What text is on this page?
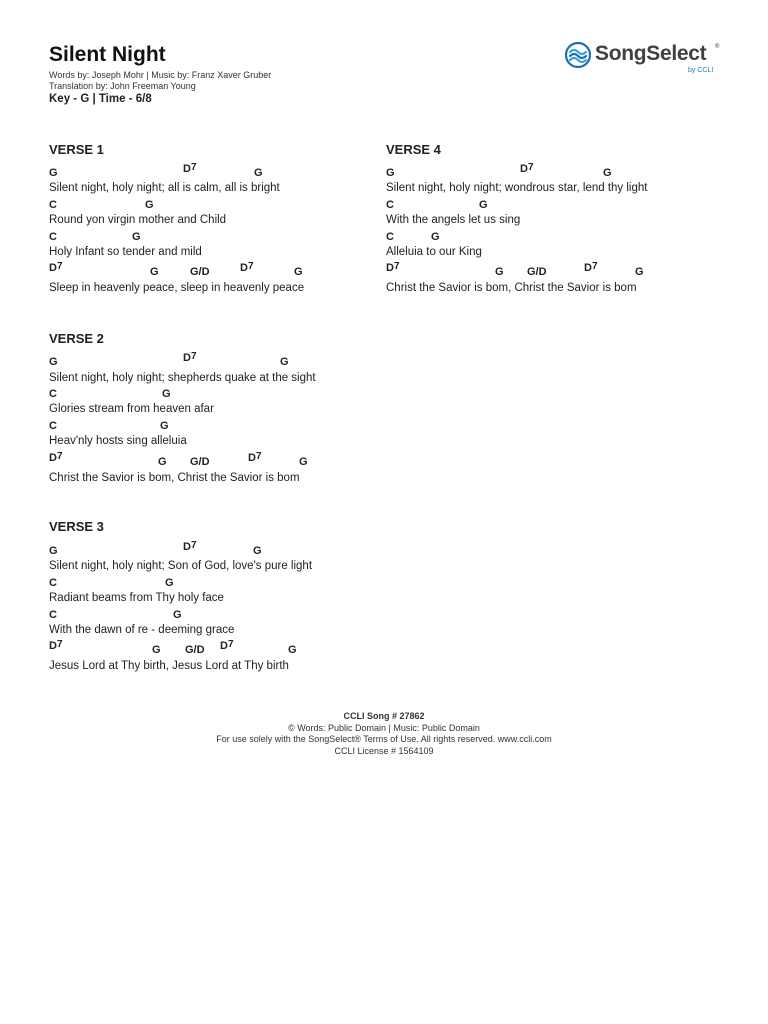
Silent Night
Words by: Joseph Mohr | Music by: Franz Xaver Gruber
Translation by: John Freeman Young
Key - G | Time - 6/8
SongSelect ®
by CCLI
VERSE 1
G	$D^7$	G
Silent night, holy night; all is calm, all is bright
C	G
Round yon virgin mother and Child
C	G
Holy Infant so tender and mild
$D^7$	G	G/D	$D^7$	G
Sleep in heavenly peace, sleep in heavenly peace
VERSE 2
G	$D^7$	G
Silent night, holy night; shepherds quake at the sight
C	G
Glories stream from heaven afar
C	G
Heav'nly hosts sing alleluia
$D^7$	G G/D	$D^7$	G
Christ the Savior is bom, Christ the Savior is bom
VERSE 3
G	$D^7$	G
Silent night, holy night; Son of God, love's pure light
C	G
Radiant beams from Thy holy face
C	G
With the dawn of re - deeming grace
$D^7$	G G/D $D^7$	G
Jesus Lord at Thy birth, Jesus Lord at Thy birth
VERSE 4
G	$D^7$	G
Silent night, holy night; wondrous star, lend thy light
C	G
With the angels let us sing
C	G
Alleluia to our King
$D^7$	G G/D	$D^7$	G
Christ the Savior is bom, Christ the Savior is bom
CCLI Song # 27862
© Words: Public Domain | Music: Public Domain
For use solely with the SongSelect® Terms of Use. All rights reserved. www.ccli.com
CCLI License # 1564109
